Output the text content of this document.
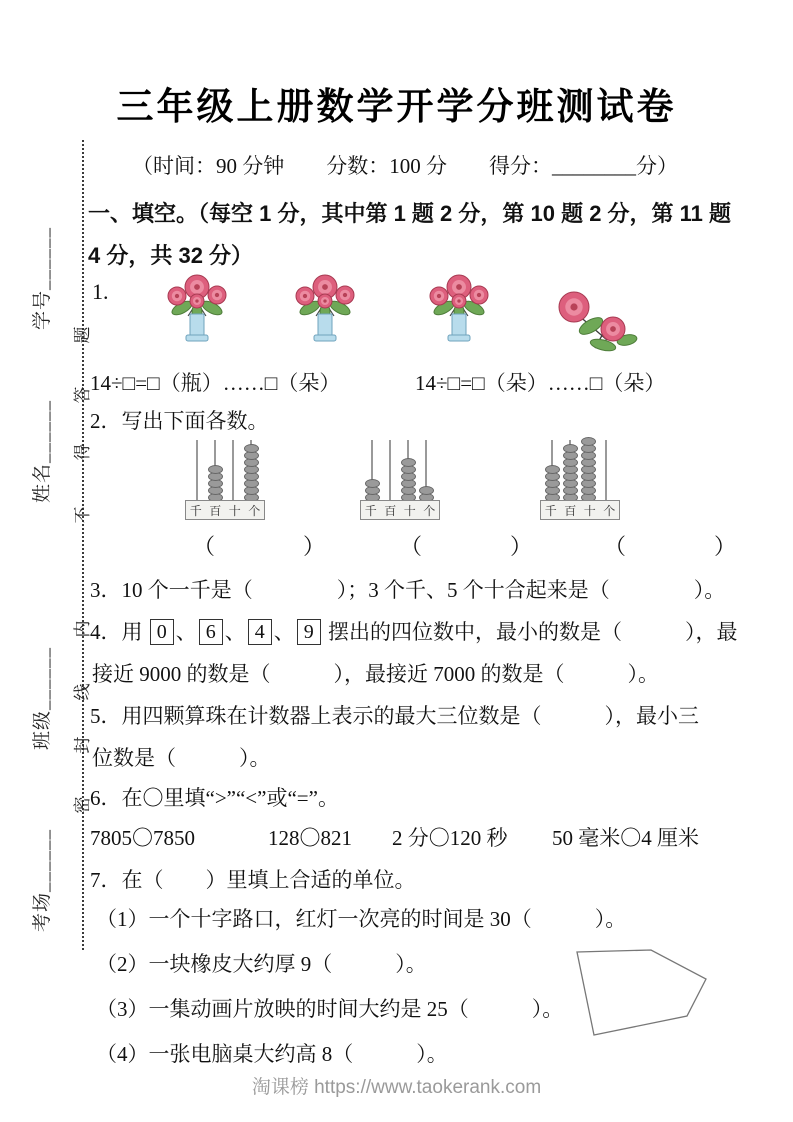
三年级上册数学开学分班测试卷
（时间：90 分钟　　分数：100 分　　得分：________分）
一、填空。（每空 1 分，其中第 1 题 2 分，第 10 题 2 分，第 11 题
4 分，共 32 分）
1.
14÷□=□（瓶）……□（朵）	14÷□=□（朵）……□（朵）
2．写出下面各数。
（　　　　）	（　　　　）	（　　　　）
3．10 个一千是（　　　　）；3 个千、5 个十合起来是（　　　　）。
4．用 0 、 6 、 4 、 9 摆出的四位数中，最小的数是（　　　），最
接近 9000 的数是（　　　），最接近 7000 的数是（　　　）。
5．用四颗算珠在计数器上表示的最大三位数是（　　　），最小三
位数是（　　　）。
6．在〇里填“>”“<”或“=”。
7805〇7850	128〇821 2 分〇120 秒 50 毫米〇4 厘米
7．在（　　）里填上合适的单位。
（1）一个十字路口，红灯一次亮的时间是 30（　　　）。
（2）一块橡皮大约厚 9（　　　）。
（3）一集动画片放映的时间大约是 25（　　　）。
（4）一张电脑桌大约高 8（　　　）。
淘课榜 https://www.taokerank.com
学号______
姓名______
班级______
考场______
题
答
得
不
内
线
封
密
千 百 十 个	千 百 十 个	千 百 十 个
